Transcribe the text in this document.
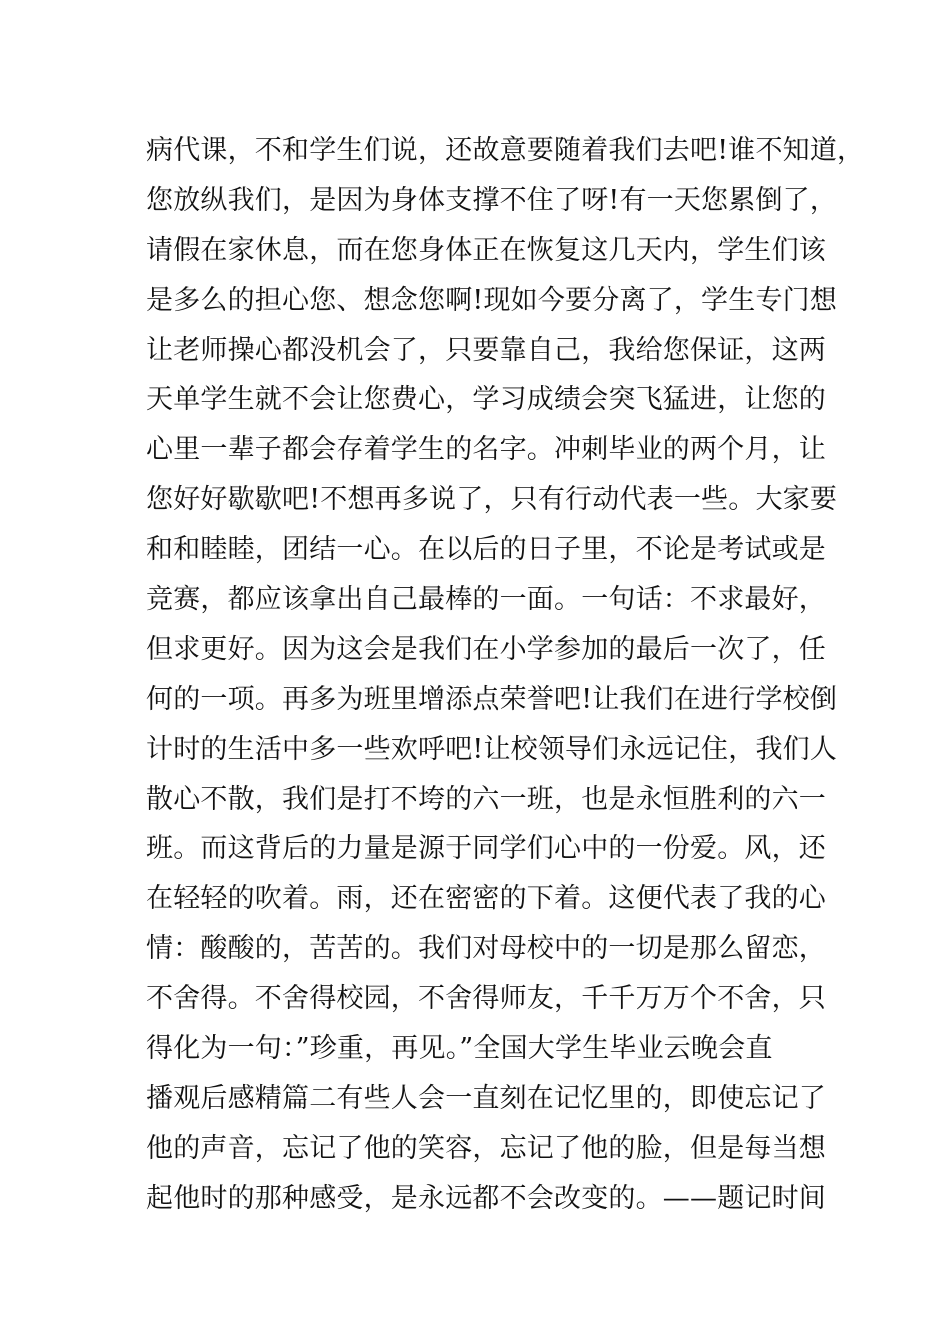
病代课，不和学生们说，还故意要随着我们去吧!谁不知道，
您放纵我们，是因为身体支撑不住了呀!有一天您累倒了，
请假在家休息，而在您身体正在恢复这几天内，学生们该
是多么的担心您、想念您啊!现如今要分离了，学生专门想
让老师操心都没机会了，只要靠自己，我给您保证，这两
天单学生就不会让您费心，学习成绩会突飞猛进，让您的
心里一辈子都会存着学生的名字。冲刺毕业的两个月，让
您好好歇歇吧!不想再多说了，只有行动代表一些。大家要
和和睦睦，团结一心。在以后的日子里，不论是考试或是
竞赛，都应该拿出自己最棒的一面。一句话：不求最好，
但求更好。因为这会是我们在小学参加的最后一次了，任
何的一项。再多为班里增添点荣誉吧!让我们在进行学校倒
计时的生活中多一些欢呼吧!让校领导们永远记住，我们人
散心不散，我们是打不垮的六一班，也是永恒胜利的六一
班。而这背后的力量是源于同学们心中的一份爱。风，还
在轻轻的吹着。雨，还在密密的下着。这便代表了我的心
情：酸酸的，苦苦的。我们对母校中的一切是那么留恋，
不舍得。不舍得校园，不舍得师友，千千万万个不舍，只
得化为一句：”珍重，再见。”全国大学生毕业云晚会直
播观后感精篇二有些人会一直刻在记忆里的，即使忘记了
他的声音，忘记了他的笑容，忘记了他的脸，但是每当想
起他时的那种感受，是永远都不会改变的。——题记时间
